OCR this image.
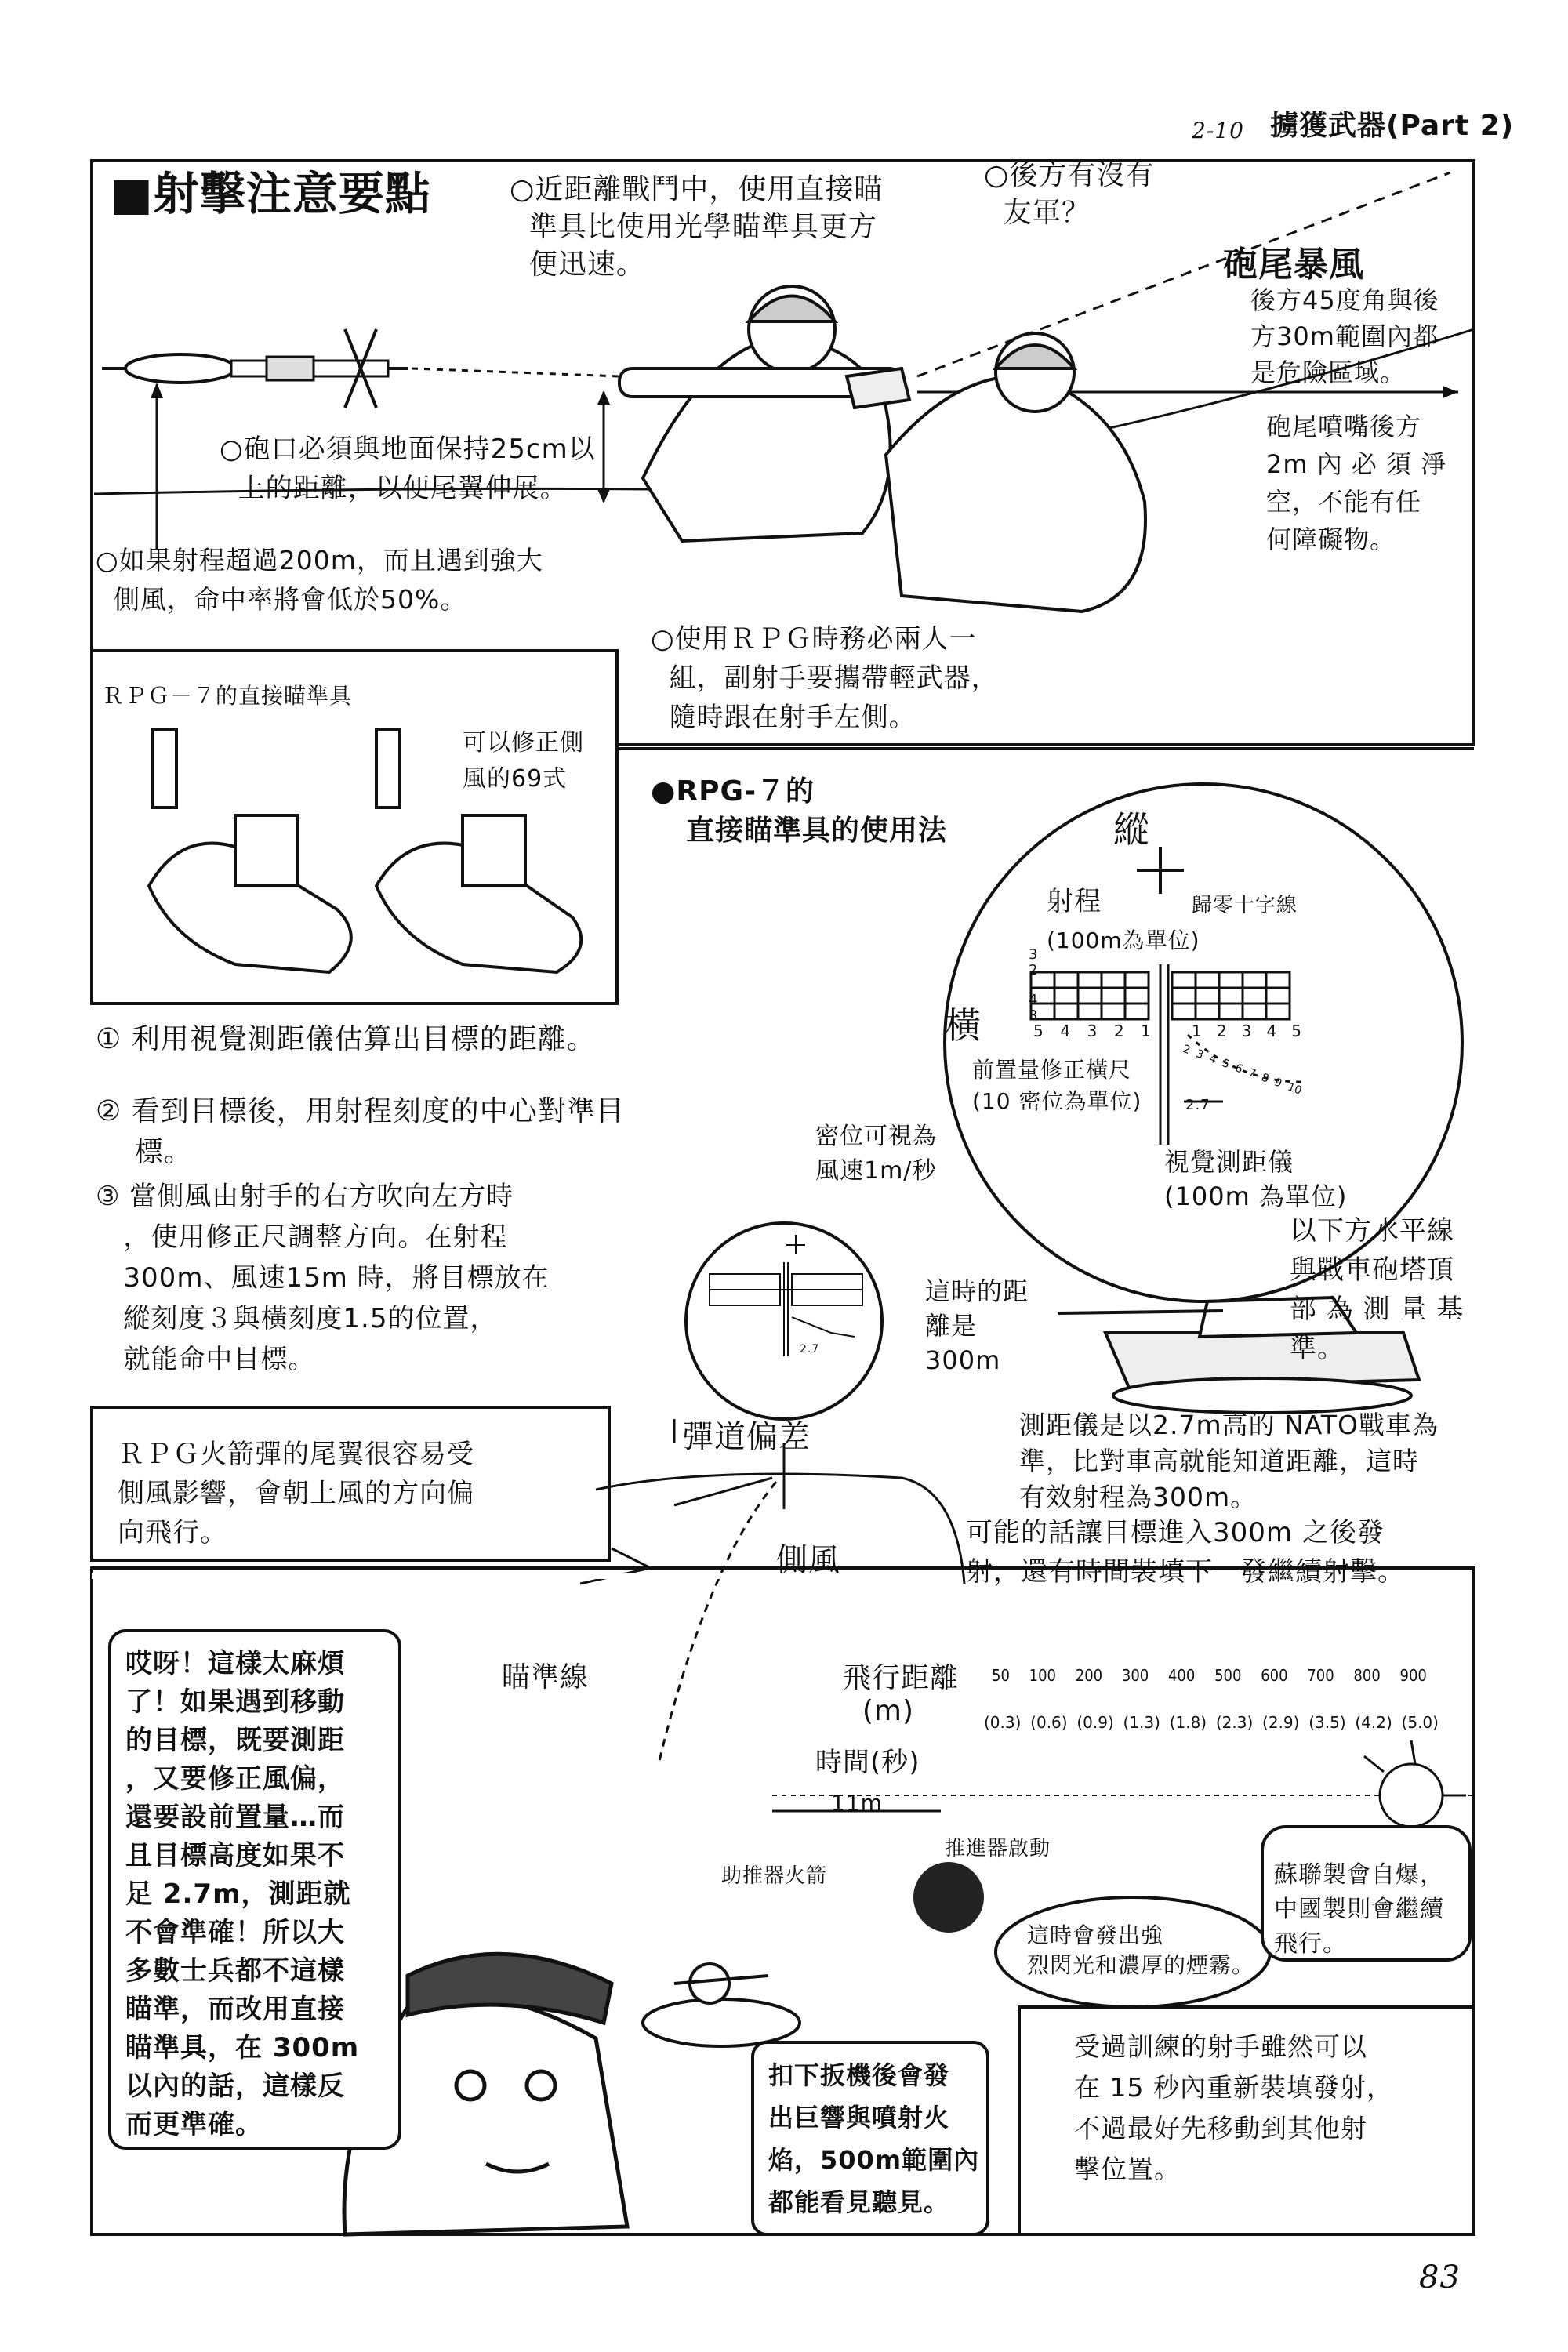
2-10 擄獲武器(Part 2)
■射擊注意要點	○近距離戰鬥中，使用直接瞄
準具比使用光學瞄準具更方
便迅速。
○後方有沒有
友軍？
砲尾暴風
後方45度角與後
方30m範圍內都
是危險區域。
砲尾噴嘴後方
2m 內 必 須 淨
空，不能有任
何障礙物。
○砲口必須與地面保持25cm以
上的距離，以便尾翼伸展。
○如果射程超過200m，而且遇到強大
側風，命中率將會低於50%。
○使用ＲＰＧ時務必兩人一
組，副射手要攜帶輕武器，
隨時跟在射手左側。
ＲＰＧ－７的直接瞄準具
可以修正側
風的69式	●RPG-７的
直接瞄準具的使用法
① 利用視覺測距儀估算出目標的距離。
② 看到目標後，用射程刻度的中心對準目
標。
③ 當側風由射手的右方吹向左方時
，使用修正尺調整方向。在射程
300m、風速15m 時，將目標放在
縱刻度３與橫刻度1.5的位置，
就能命中目標。
縱
射程	歸零十字線
(100m為單位)
橫
3
2
4
3
5 4 3 2 1	1 2 3 4 5
2 3 4 5 6 7 8 9 10
2.7
前置量修正橫尺
(10 密位為單位)
視覺測距儀
(100m 為單位)
密位可視為
風速1m/秒
這時的距
離是
300m
2.7
以下方水平線
與戰車砲塔頂
部 為 測 量 基
準。
測距儀是以2.7m高的 NATO戰車為
準，比對車高就能知道距離，這時
有效射程為300m。
ＲＰＧ火箭彈的尾翼很容易受
側風影響，會朝上風的方向偏
向飛行。
彈道偏差
側風
瞄準線
可能的話讓目標進入300m 之後發
射，還有時間裝填下一發繼續射擊。
飛行距離
(m)
50 100 200 300 400 500 600 700 800 900
(0.3) (0.6) (0.9) (1.3) (1.8) (2.3) (2.9) (3.5) (4.2) (5.0)
時間(秒)
11m
推進器啟動
助推器火箭
這時會發出強
烈閃光和濃厚的煙霧。
蘇聯製會自爆，
中國製則會繼續
飛行。
哎呀！這樣太麻煩
了！如果遇到移動
的目標，既要測距
，又要修正風偏，
還要設前置量…而
且目標高度如果不
足 2.7m，測距就
不會準確！所以大
多數士兵都不這樣
瞄準，而改用直接
瞄準具，在 300m
以內的話，這樣反
而更準確。
扣下扳機後會發
出巨響與噴射火
焰，500m範圍內
都能看見聽見。
受過訓練的射手雖然可以
在 15 秒內重新裝填發射，
不過最好先移動到其他射
擊位置。
83
